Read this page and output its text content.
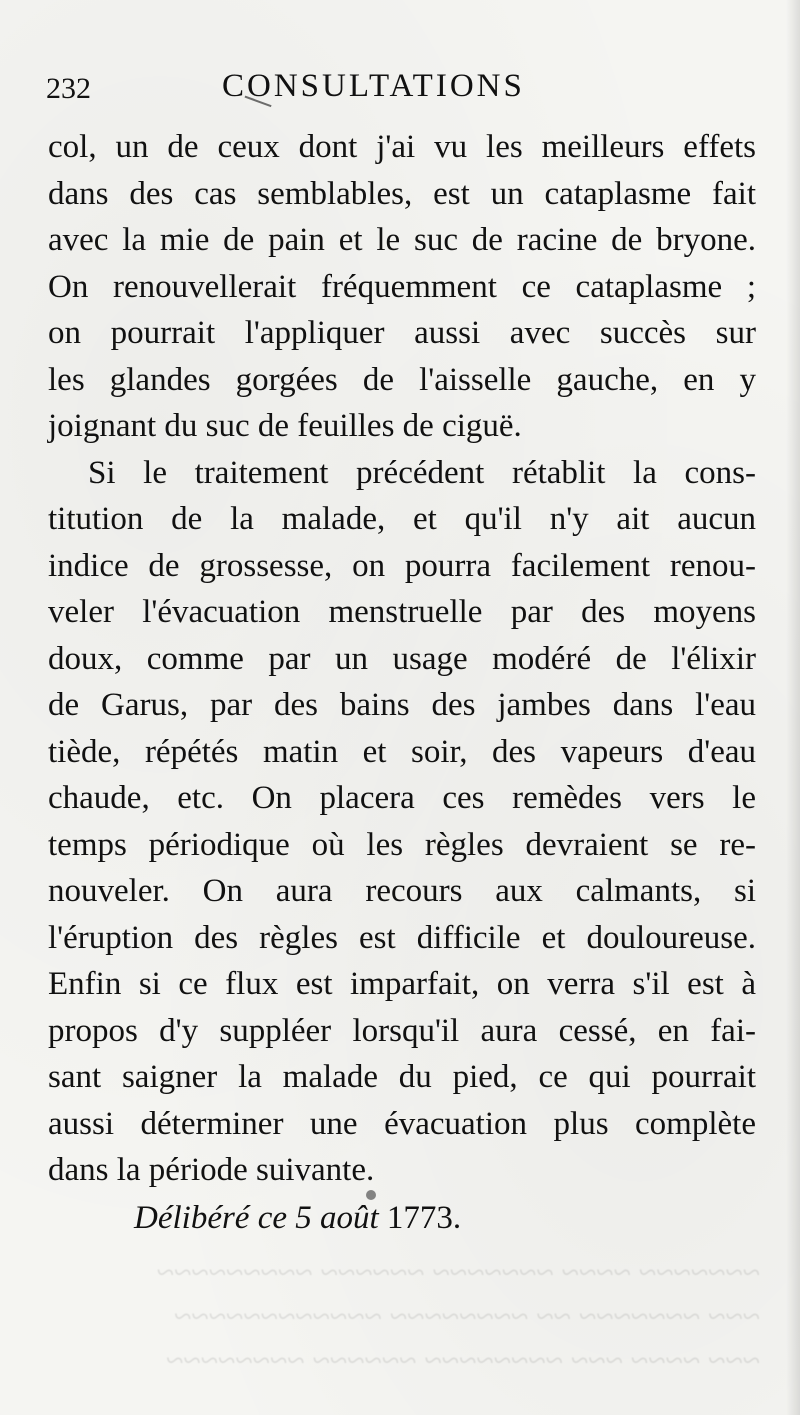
232	CONSULTATIONS
col, un de ceux dont j'ai vu les meilleurs effets
dans des cas semblables, est un cataplasme fait
avec la mie de pain et le suc de racine de bryone.
On renouvellerait fréquemment ce cataplasme ;
on pourrait l'appliquer aussi avec succès sur
les glandes gorgées de l'aisselle gauche, en y
joignant du suc de feuilles de ciguë.
Si le traitement précédent rétablit la cons-
titution de la malade, et qu'il n'y ait aucun
indice de grossesse, on pourra facilement renou-
veler l'évacuation menstruelle par des moyens
doux, comme par un usage modéré de l'élixir
de Garus, par des bains des jambes dans l'eau
tiède, répétés matin et soir, des vapeurs d'eau
chaude, etc. On placera ces remèdes vers le
temps périodique où les règles devraient se re-
nouveler. On aura recours aux calmants, si
l'éruption des règles est difficile et douloureuse.
Enfin si ce flux est imparfait, on verra s'il est à
propos d'y suppléer lorsqu'il aura cessé, en fai-
sant saigner la malade du pied, ce qui pourrait
aussi déterminer une évacuation plus complète
dans la période suivante.
Délibéré ce 5 août 1773.
~~~~~~~ ~~~~ ~~~~~~~ ~~~~~~ ~~~~~~~~~
~~~ ~~~~~~~ ~~ ~~~~~~~~ ~~~~~~~~~~~~
~~~ ~~~~ ~~~ ~~~~~~~~ ~~~~~~ ~~~~~~~~
